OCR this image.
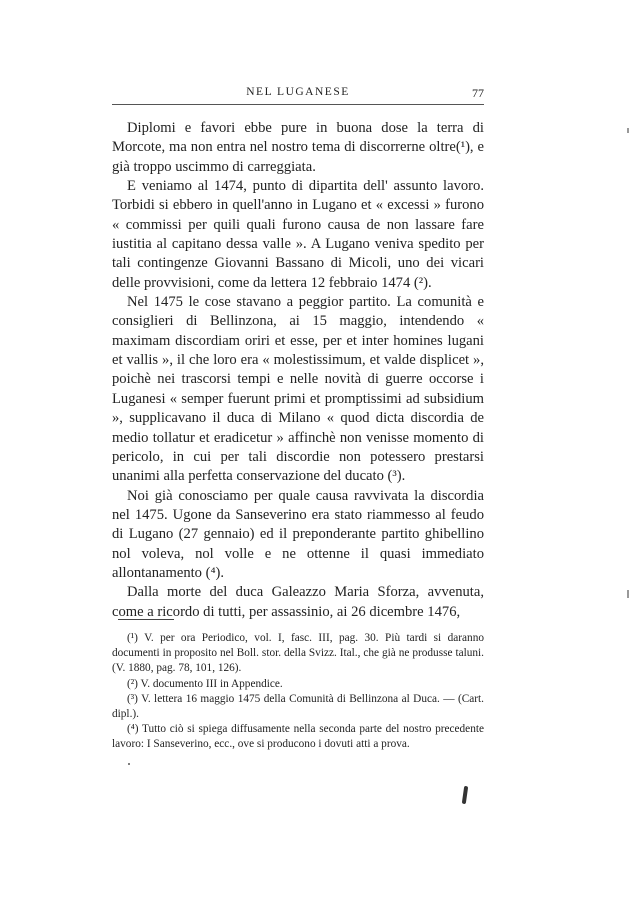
NEL LUGANESE	77

Diplomi e favori ebbe pure in buona dose la terra di Morcote, ma non entra nel nostro tema di discorrerne oltre(¹), e già troppo uscimmo di carreggiata.

E veniamo al 1474, punto di dipartita dell' assunto lavoro. Torbidi si ebbero in quell'anno in Lugano et « excessi » furono « commissi per quili quali furono causa de non lassare fare iustitia al capitano dessa valle ». A Lugano veniva spedito per tali contingenze Giovanni Bassano di Micoli, uno dei vicari delle provvisioni, come da lettera 12 febbraio 1474 (²).

Nel 1475 le cose stavano a peggior partito. La comunità e consiglieri di Bellinzona, ai 15 maggio, intendendo « maximam discordiam oriri et esse, per et inter homines lugani et vallis », il che loro era « molestissimum, et valde displicet », poichè nei trascorsi tempi e nelle novità di guerre occorse i Luganesi « semper fuerunt primi et promptissimi ad subsidium », supplicavano il duca di Milano « quod dicta discordia de medio tollatur et eradicetur » affinchè non venisse momento di pericolo, in cui per tali discordie non potessero prestarsi unanimi alla perfetta conservazione del ducato (³).

Noi già conosciamo per quale causa ravvivata la discordia nel 1475. Ugone da Sanseverino era stato riammesso al feudo di Lugano (27 gennaio) ed il preponderante partito ghibellino nol voleva, nol volle e ne ottenne il quasi immediato allontanamento (⁴).

Dalla morte del duca Galeazzo Maria Sforza, avvenuta, come a ricordo di tutti, per assassinio, ai 26 dicembre 1476,

(¹) V. per ora Periodico, vol. I, fasc. III, pag. 30. Più tardi si daranno documenti in proposito nel Boll. stor. della Svizz. Ital., che già ne produsse taluni. (V. 1880, pag. 78, 101, 126).

(²) V. documento III in Appendice.

(³) V. lettera 16 maggio 1475 della Comunità di Bellinzona al Duca. — (Cart. dipl.).

(⁴) Tutto ciò si spiega diffusamente nella seconda parte del nostro precedente lavoro: I Sanseverino, ecc., ove si producono i dovuti atti a prova.
